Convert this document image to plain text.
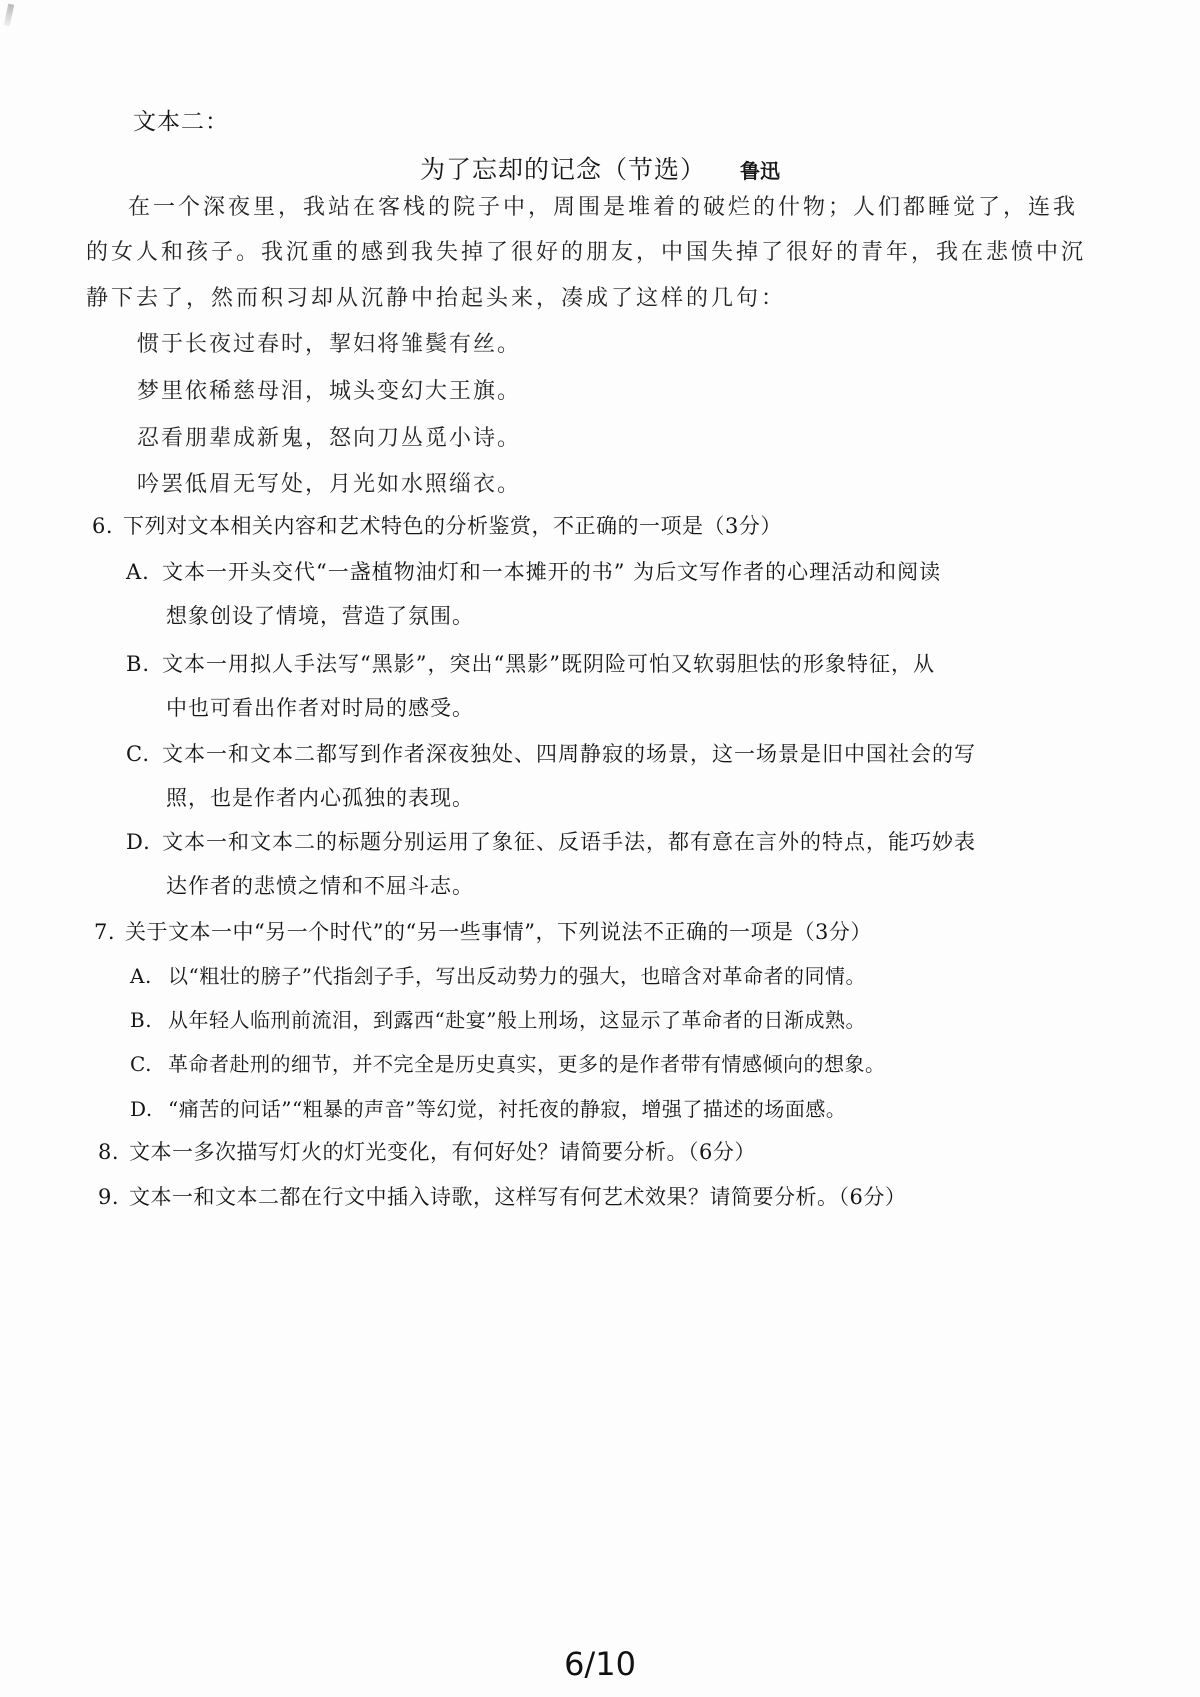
文本二：
为了忘却的记念（节选） 鲁迅
在一个深夜里，我站在客栈的院子中，周围是堆着的破烂的什物；人们都睡觉了，连我
的女人和孩子。我沉重的感到我失掉了很好的朋友，中国失掉了很好的青年，我在悲愤中沉
静下去了，然而积习却从沉静中抬起头来，凑成了这样的几句：
惯于长夜过春时，挈妇将雏鬓有丝。
梦里依稀慈母泪，城头变幻大王旗。
忍看朋辈成新鬼，怒向刀丛觅小诗。
吟罢低眉无写处，月光如水照缁衣。
6. 下列对文本相关内容和艺术特色的分析鉴赏，不正确的一项是（3分）
A. 文本一开头交代“一盏植物油灯和一本摊开的书” 为后文写作者的心理活动和阅读
想象创设了情境，营造了氛围。
B. 文本一用拟人手法写“黑影”，突出“黑影”既阴险可怕又软弱胆怯的形象特征，从
中也可看出作者对时局的感受。
C. 文本一和文本二都写到作者深夜独处、四周静寂的场景，这一场景是旧中国社会的写
照，也是作者内心孤独的表现。
D. 文本一和文本二的标题分别运用了象征、反语手法，都有意在言外的特点，能巧妙表
达作者的悲愤之情和不屈斗志。
7. 关于文本一中“另一个时代”的“另一些事情”，下列说法不正确的一项是（3分）
A. 以“粗壮的膀子”代指刽子手，写出反动势力的强大，也暗含对革命者的同情。
B. 从年轻人临刑前流泪，到露西“赴宴”般上刑场，这显示了革命者的日渐成熟。
C. 革命者赴刑的细节，并不完全是历史真实，更多的是作者带有情感倾向的想象。
D. “痛苦的问话”“粗暴的声音”等幻觉，衬托夜的静寂，增强了描述的场面感。
8. 文本一多次描写灯火的灯光变化，有何好处？请简要分析。（6分）
9. 文本一和文本二都在行文中插入诗歌，这样写有何艺术效果？请简要分析。（6分）
6/10
